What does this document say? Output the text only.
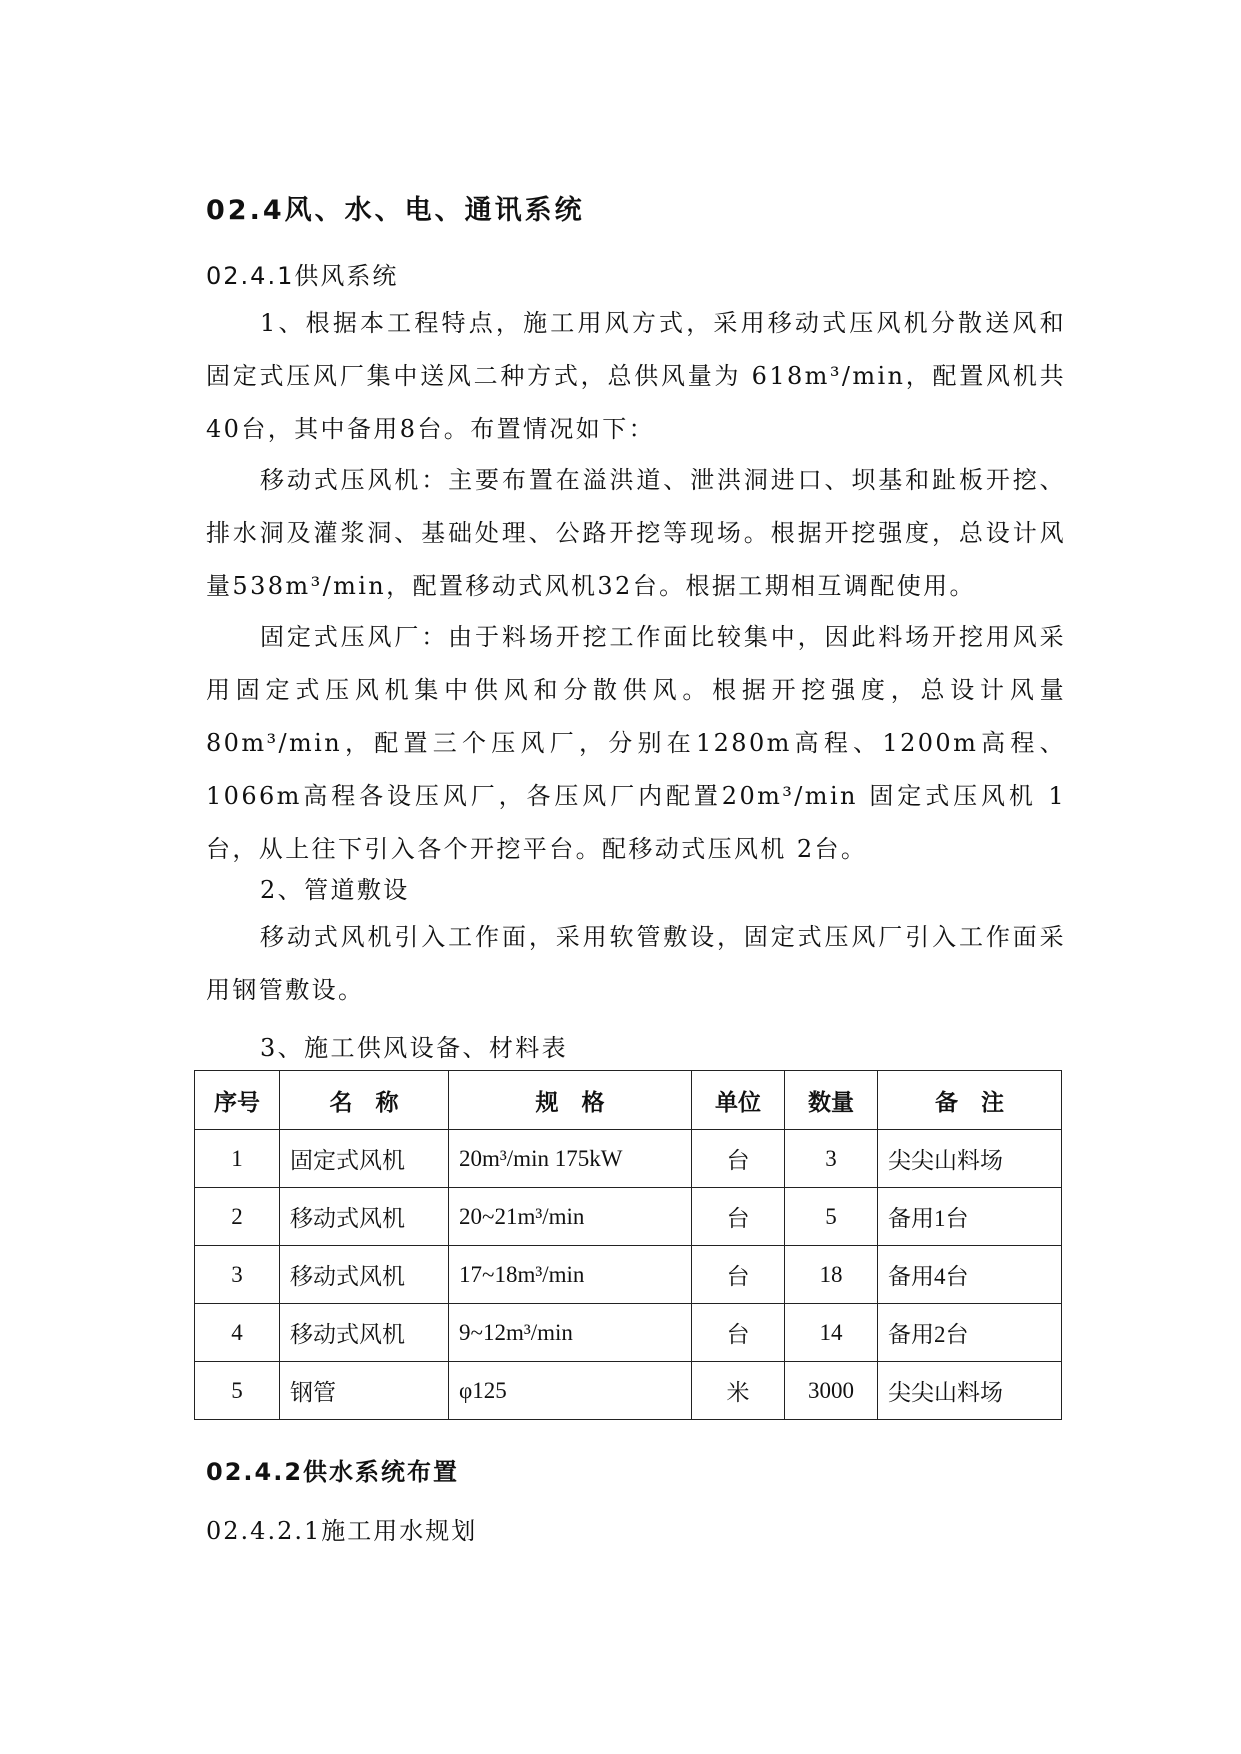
02.4风、水、电、通讯系统
02.4.1供风系统

1、根据本工程特点，施工用风方式，采用移动式压风机分散送风和固定式压风厂集中送风二种方式，总供风量为 618m³/min，配置风机共40台，其中备用8台。布置情况如下：

移动式压风机：主要布置在溢洪道、泄洪洞进口、坝基和趾板开挖、排水洞及灌浆洞、基础处理、公路开挖等现场。根据开挖强度，总设计风量538m³/min，配置移动式风机32台。根据工期相互调配使用。

固定式压风厂：由于料场开挖工作面比较集中，因此料场开挖用风采用固定式压风机集中供风和分散供风。根据开挖强度，总设计风量80m³/min，配置三个压风厂，分别在1280m高程、1200m高程、1066m高程各设压风厂，各压风厂内配置20m³/min 固定式压风机 1台，从上往下引入各个开挖平台。配移动式压风机 2台。

2、管道敷设

移动式风机引入工作面，采用软管敷设，固定式压风厂引入工作面采用钢管敷设。

3、施工供风设备、材料表
序号	名　称	规　格	单位	数量	备　注
1	固定式风机	20m³/min 175kW	台	3	尖尖山料场
2	移动式风机	20~21m³/min	台	5	备用1台
3	移动式风机	17~18m³/min	台	18	备用4台
4	移动式风机	9~12m³/min	台	14	备用2台
5	钢管	φ125	米	3000	尖尖山料场
02.4.2供水系统布置
02.4.2.1施工用水规划
